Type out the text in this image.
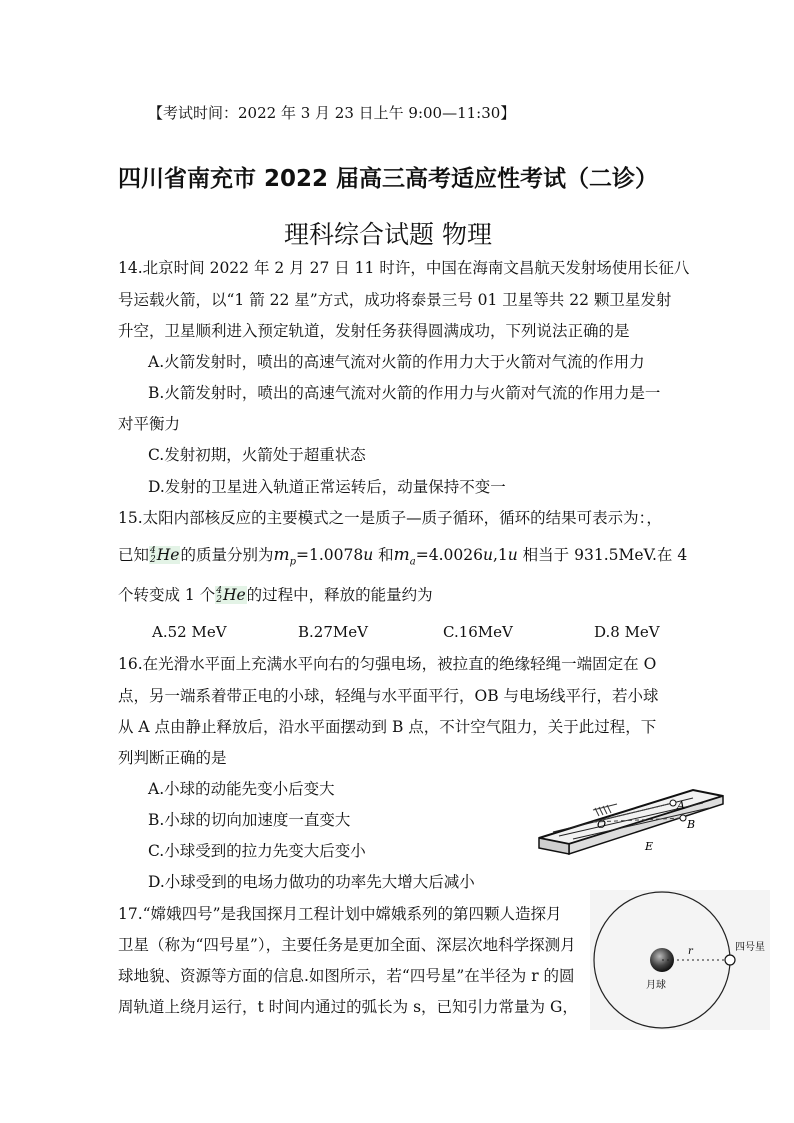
【考试时间：2022 年 3 月 23 日上午 9:00—11:30】
四川省南充市 2022 届高三高考适应性考试（二诊）
理科综合试题 物理
14.北京时间 2022 年 2 月 27 日 11 时许，中国在海南文昌航天发射场使用长征八
号运载火箭，以“1 箭 22 星”方式，成功将泰景三号 01 卫星等共 22 颗卫星发射
升空，卫星顺利进入预定轨道，发射任务获得圆满成功，下列说法正确的是
A.火箭发射时，喷出的高速气流对火箭的作用力大于火箭对气流的作用力
B.火箭发射时，喷出的高速气流对火箭的作用力与火箭对气流的作用力是一
对平衡力
C.发射初期，火箭处于超重状态
D.发射的卫星进入轨道正常运转后，动量保持不变一
15.太阳内部核反应的主要模式之一是质子—质子循环，循环的结果可表示为：，
已知 4
2 He的质量分别为$m_p=1.0078u$ 和$m_a=4.0026u,1u$ 相当于 931.5MeV.在 4
个转变成 1 个 4
2 He的过程中，释放的能量约为
A.52 MeV	B.27MeV	C.16MeV	D.8 MeV
16.在光滑水平面上充满水平向右的匀强电场，被拉直的绝缘轻绳一端固定在 O
点，另一端系着带正电的小球，轻绳与水平面平行，OB 与电场线平行，若小球
从 A 点由静止释放后，沿水平面摆动到 B 点，不计空气阻力，关于此过程，下
列判断正确的是
A.小球的动能先变小后变大
B.小球的切向加速度一直变大
C.小球受到的拉力先变大后变小
D.小球受到的电场力做功的功率先大增大后减小
O
A
B
E
17.“嫦娥四号”是我国探月工程计划中嫦娥系列的第四颗人造探月
卫星（称为“四号星”），主要任务是更加全面、深层次地科学探测月
球地貌、资源等方面的信息.如图所示，若“四号星”在半径为 r 的圆
周轨道上绕月运行，t 时间内通过的弧长为 s，已知引力常量为 G，
r	四号星
月球
